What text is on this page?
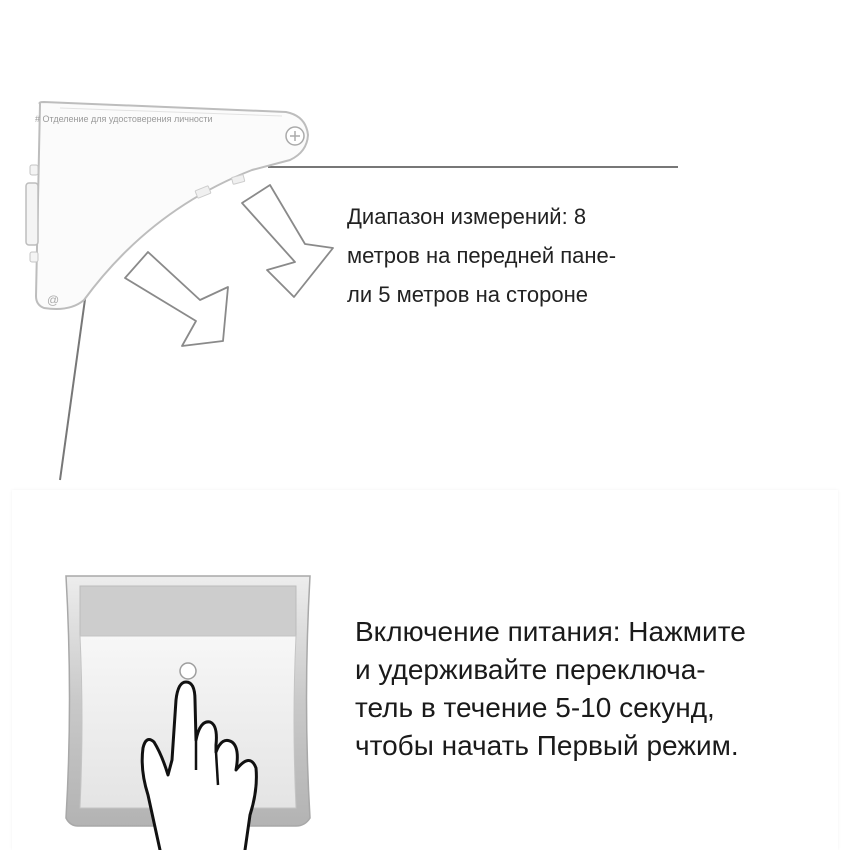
# Отделение для удостоверения личности
@
Диапазон измерений: 8
метров на передней пане-
ли 5 метров на стороне
Включение питания: Нажмите
и удерживайте переключа-
тель в течение 5-10 секунд,
чтобы начать Первый режим.
